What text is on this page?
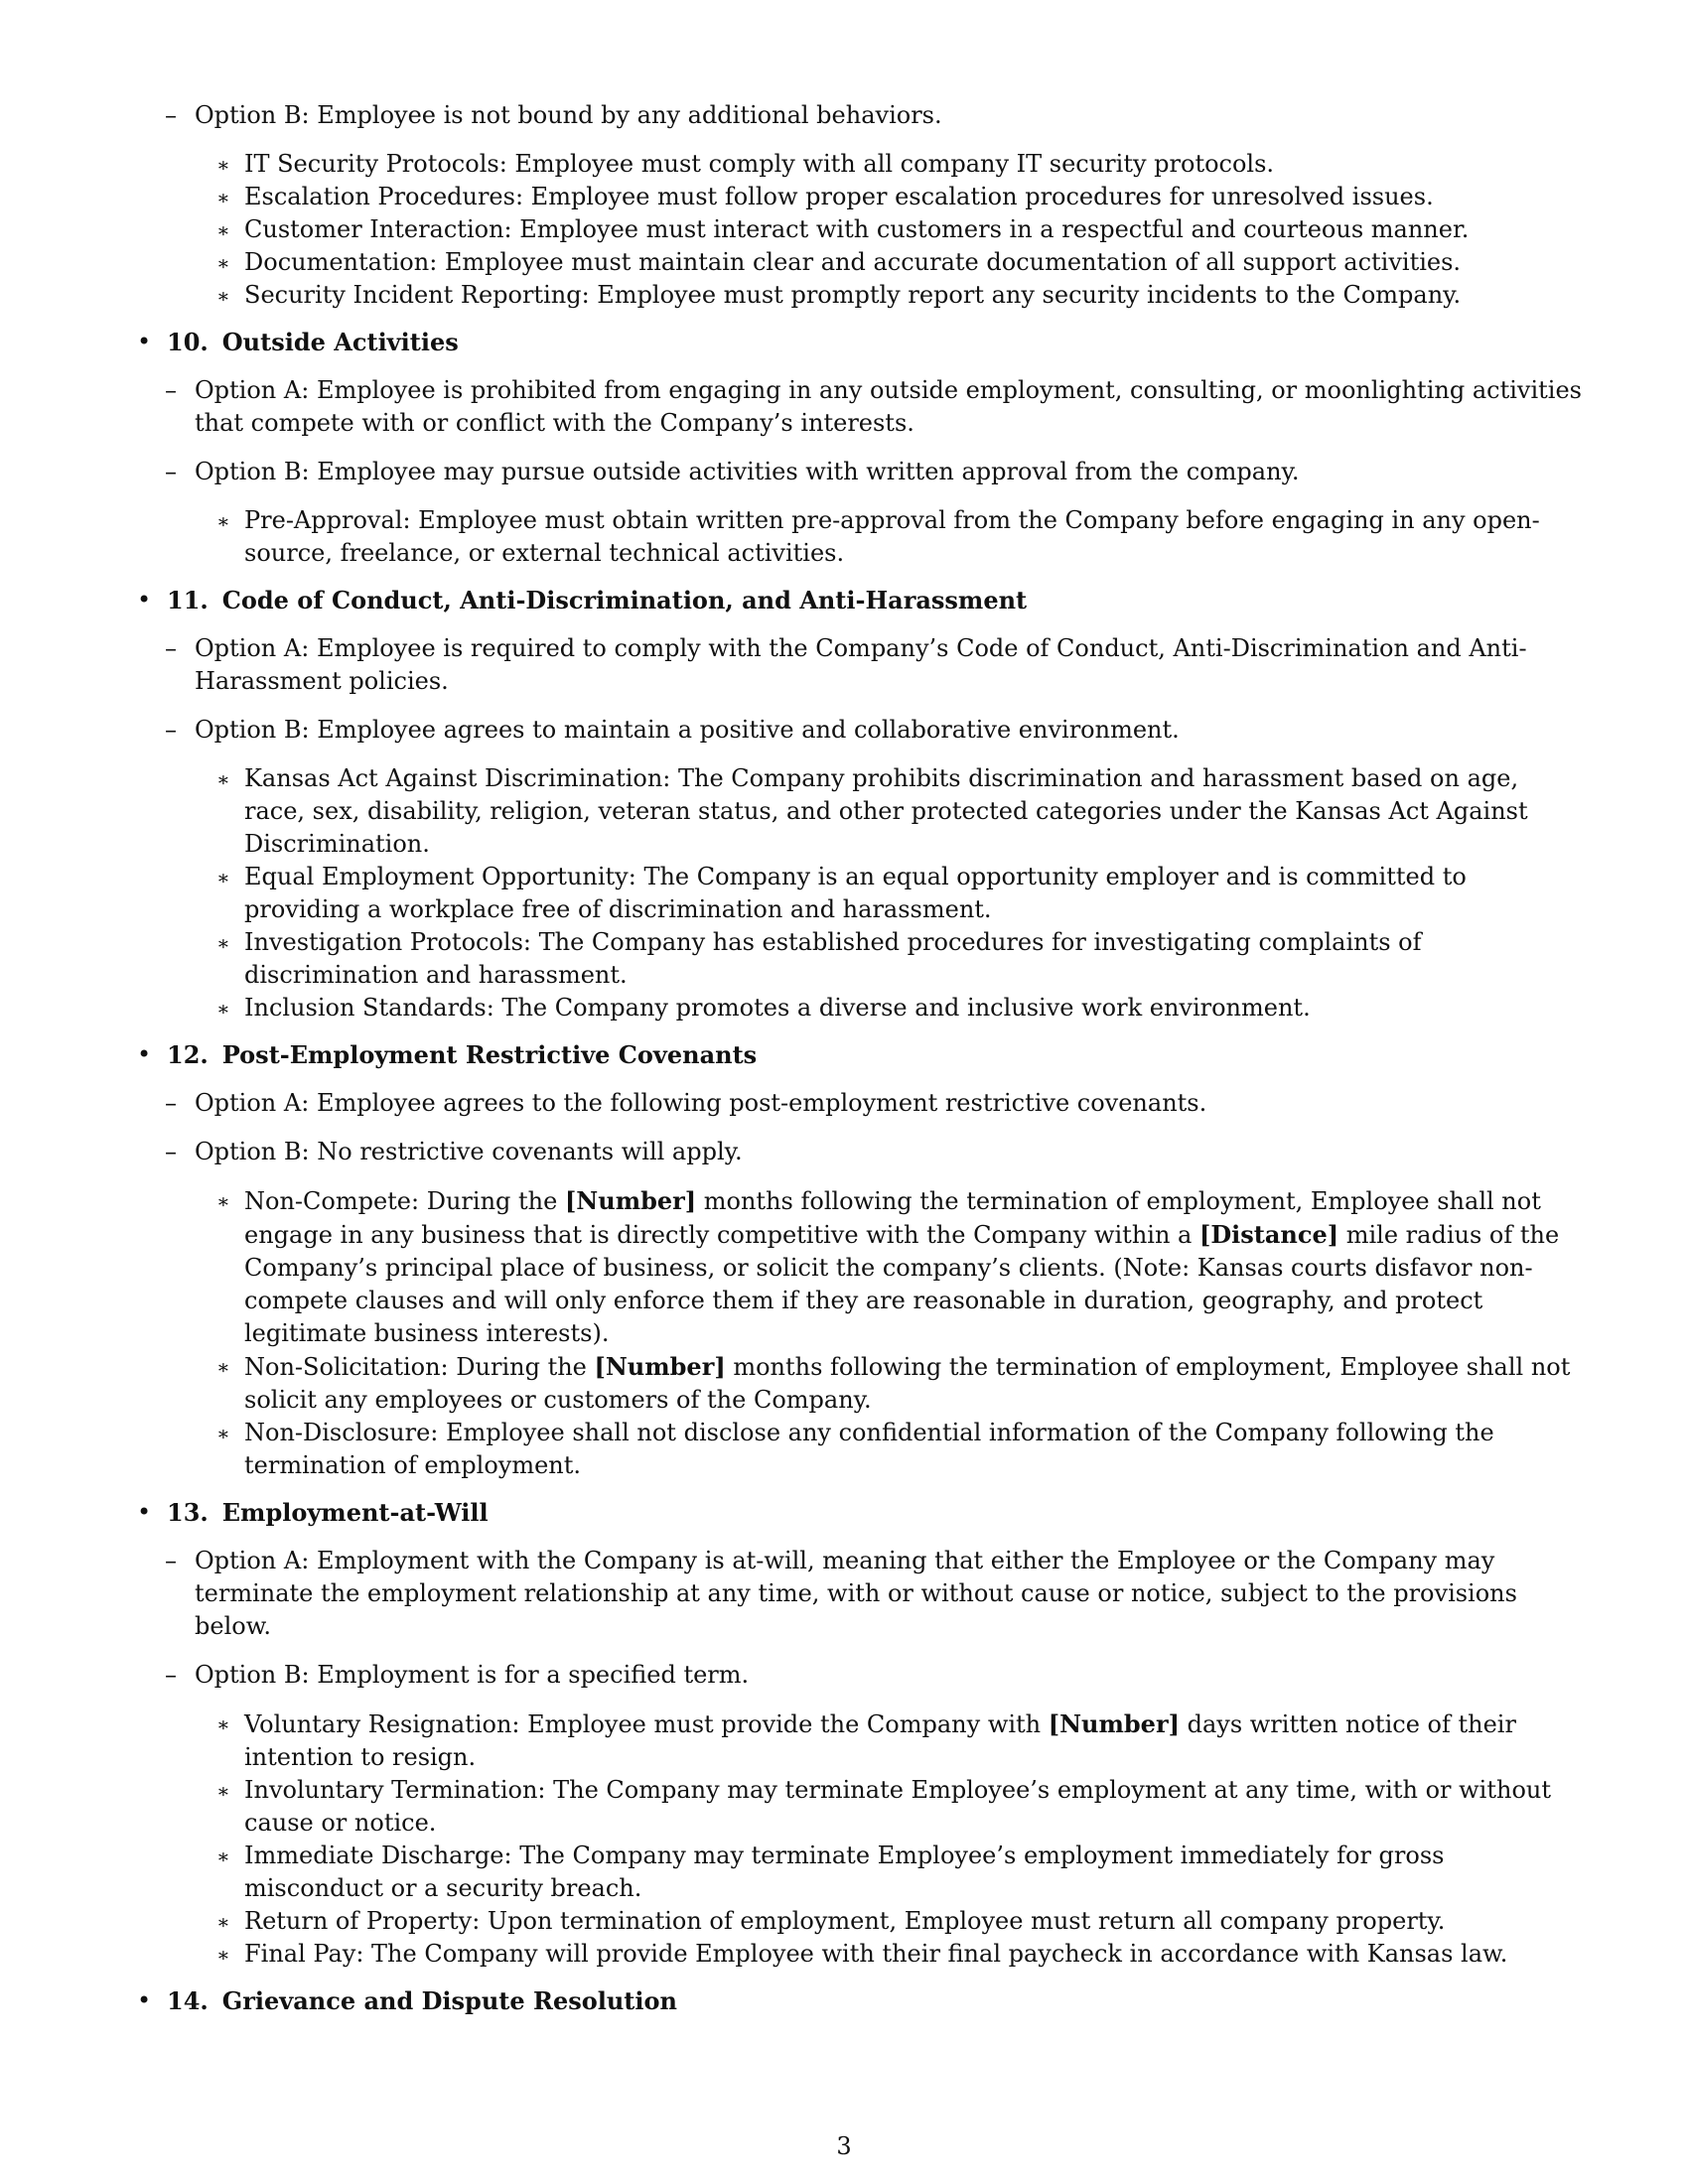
– Option B: Employee is not bound by any additional behaviors.
∗ IT Security Protocols: Employee must comply with all company IT security protocols.
∗ Escalation Procedures: Employee must follow proper escalation procedures for unresolved issues.
∗ Customer Interaction: Employee must interact with customers in a respectful and courteous manner.
∗ Documentation: Employee must maintain clear and accurate documentation of all support activities.
∗ Security Incident Reporting: Employee must promptly report any security incidents to the Company.
• 10. Outside Activities
– Option A: Employee is prohibited from engaging in any outside employment, consulting, or moonlighting activities that compete with or conflict with the Company’s interests.
– Option B: Employee may pursue outside activities with written approval from the company.
∗ Pre-Approval: Employee must obtain written pre-approval from the Company before engaging in any open-source, freelance, or external technical activities.
• 11. Code of Conduct, Anti-Discrimination, and Anti-Harassment
– Option A: Employee is required to comply with the Company’s Code of Conduct, Anti-Discrimination and Anti-Harassment policies.
– Option B: Employee agrees to maintain a positive and collaborative environment.
∗ Kansas Act Against Discrimination: The Company prohibits discrimination and harassment based on age, race, sex, disability, religion, veteran status, and other protected categories under the Kansas Act Against Discrimination.
∗ Equal Employment Opportunity: The Company is an equal opportunity employer and is committed to providing a workplace free of discrimination and harassment.
∗ Investigation Protocols: The Company has established procedures for investigating complaints of discrimination and harassment.
∗ Inclusion Standards: The Company promotes a diverse and inclusive work environment.
• 12. Post-Employment Restrictive Covenants
– Option A: Employee agrees to the following post-employment restrictive covenants.
– Option B: No restrictive covenants will apply.
∗ Non-Compete: During the [Number] months following the termination of employment, Employee shall not engage in any business that is directly competitive with the Company within a [Distance] mile radius of the Company’s principal place of business, or solicit the company’s clients. (Note: Kansas courts disfavor non-compete clauses and will only enforce them if they are reasonable in duration, geography, and protect legitimate business interests).
∗ Non-Solicitation: During the [Number] months following the termination of employment, Employee shall not solicit any employees or customers of the Company.
∗ Non-Disclosure: Employee shall not disclose any confidential information of the Company following the termination of employment.
• 13. Employment-at-Will
– Option A: Employment with the Company is at-will, meaning that either the Employee or the Company may terminate the employment relationship at any time, with or without cause or notice, subject to the provisions below.
– Option B: Employment is for a specified term.
∗ Voluntary Resignation: Employee must provide the Company with [Number] days written notice of their intention to resign.
∗ Involuntary Termination: The Company may terminate Employee’s employment at any time, with or without cause or notice.
∗ Immediate Discharge: The Company may terminate Employee’s employment immediately for gross misconduct or a security breach.
∗ Return of Property: Upon termination of employment, Employee must return all company property.
∗ Final Pay: The Company will provide Employee with their final paycheck in accordance with Kansas law.
• 14. Grievance and Dispute Resolution
3
